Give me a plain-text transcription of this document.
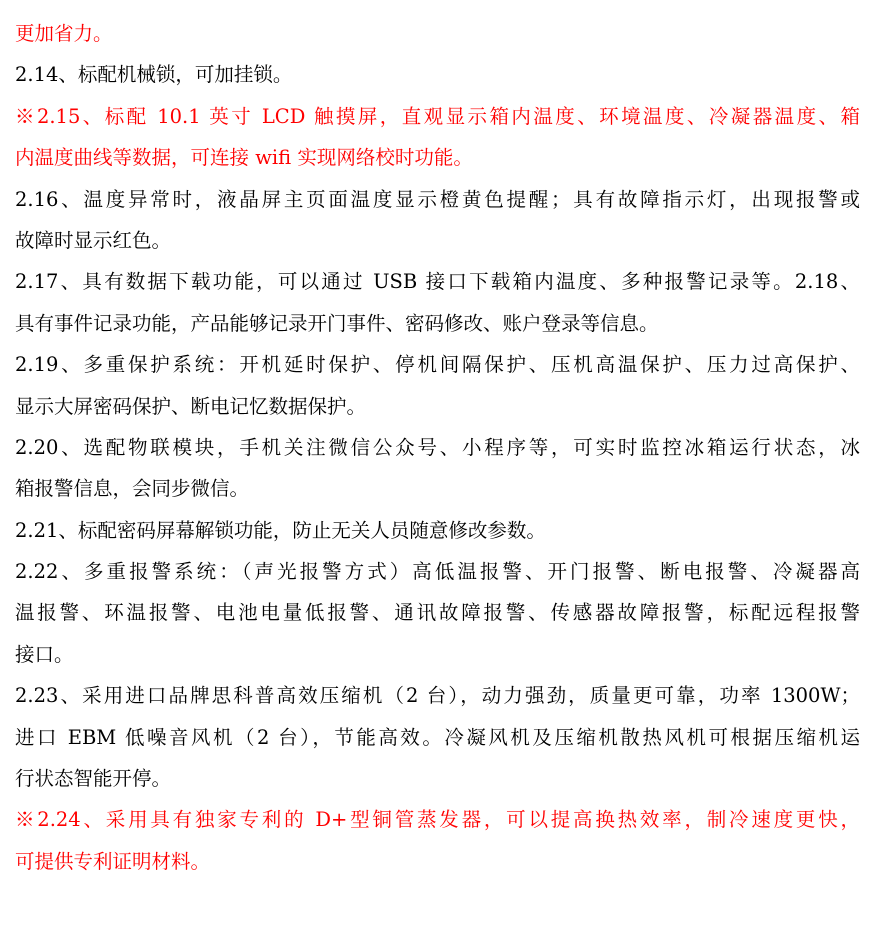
更加省力。
2.14、标配机械锁，可加挂锁。
※2.15、标配 10.1 英寸 LCD 触摸屏，直观显示箱内温度、环境温度、冷凝器温度、箱
内温度曲线等数据，可连接 wifi 实现网络校时功能。
2.16、温度异常时，液晶屏主页面温度显示橙黄色提醒；具有故障指示灯，出现报警或
故障时显示红色。
2.17、具有数据下载功能，可以通过 USB 接口下载箱内温度、多种报警记录等。2.18、
具有事件记录功能，产品能够记录开门事件、密码修改、账户登录等信息。
2.19、多重保护系统：开机延时保护、停机间隔保护、压机高温保护、压力过高保护、
显示大屏密码保护、断电记忆数据保护。
2.20、选配物联模块，手机关注微信公众号、小程序等，可实时监控冰箱运行状态，冰
箱报警信息，会同步微信。
2.21、标配密码屏幕解锁功能，防止无关人员随意修改参数。
2.22、多重报警系统：（声光报警方式）高低温报警、开门报警、断电报警、冷凝器高
温报警、环温报警、电池电量低报警、通讯故障报警、传感器故障报警，标配远程报警
接口。
2.23、采用进口品牌思科普高效压缩机（2 台），动力强劲，质量更可靠，功率 1300W；
进口 EBM 低噪音风机（2 台），节能高效。冷凝风机及压缩机散热风机可根据压缩机运
行状态智能开停。
※2.24、采用具有独家专利的 D+型铜管蒸发器，可以提高换热效率，制冷速度更快，
可提供专利证明材料。
